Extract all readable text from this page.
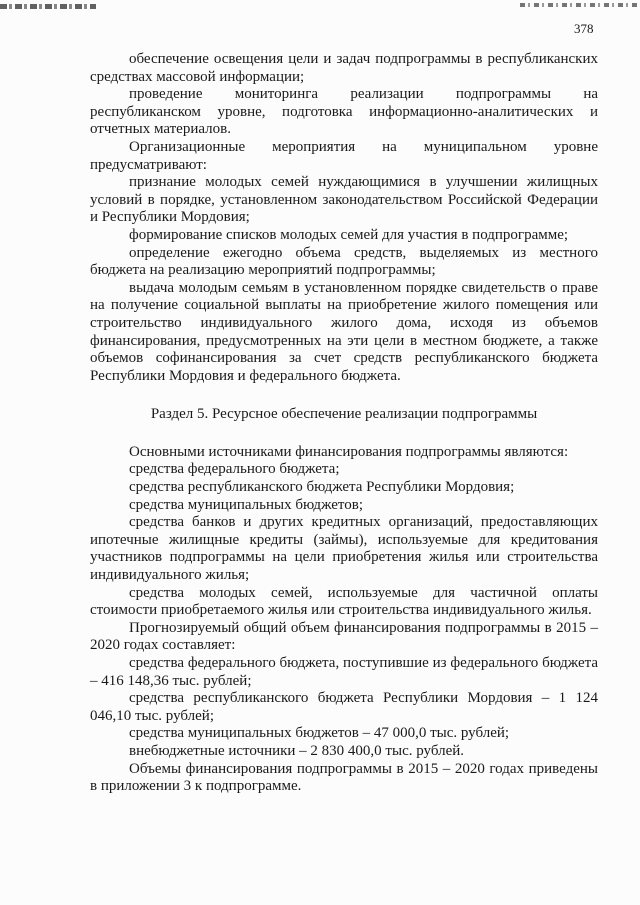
378

обеспечение освещения цели и задач подпрограммы в республиканских средствах массовой информации;

проведение мониторинга реализации подпрограммы на республиканском уровне, подготовка информационно-аналитических и отчетных материалов.

Организационные мероприятия на муниципальном уровне предусматривают:

признание молодых семей нуждающимися в улучшении жилищных условий в порядке, установленном законодательством Российской Федерации и Республики Мордовия;

формирование списков молодых семей для участия в подпрограмме;

определение ежегодно объема средств, выделяемых из местного бюджета на реализацию мероприятий подпрограммы;

выдача молодым семьям в установленном порядке свидетельств о праве на получение социальной выплаты на приобретение жилого помещения или строительство индивидуального жилого дома, исходя из объемов финансирования, предусмотренных на эти цели в местном бюджете, а также объемов софинансирования за счет средств республиканского бюджета Республики Мордовия и федерального бюджета.

Раздел 5. Ресурсное обеспечение реализации подпрограммы

Основными источниками финансирования подпрограммы являются:

средства федерального бюджета;

средства республиканского бюджета Республики Мордовия;

средства муниципальных бюджетов;

средства банков и других кредитных организаций, предоставляющих ипотечные жилищные кредиты (займы), используемые для кредитования участников подпрограммы на цели приобретения жилья или строительства индивидуального жилья;

средства молодых семей, используемые для частичной оплаты стоимости приобретаемого жилья или строительства индивидуального жилья.

Прогнозируемый общий объем финансирования подпрограммы в 2015 – 2020 годах составляет:

средства федерального бюджета, поступившие из федерального бюджета – 416 148,36 тыс. рублей;

средства республиканского бюджета Республики Мордовия – 1 124 046,10 тыс. рублей;

средства муниципальных бюджетов – 47 000,0 тыс. рублей;

внебюджетные источники – 2 830 400,0 тыс. рублей.

Объемы финансирования подпрограммы в 2015 – 2020 годах приведены в приложении 3 к подпрограмме.
